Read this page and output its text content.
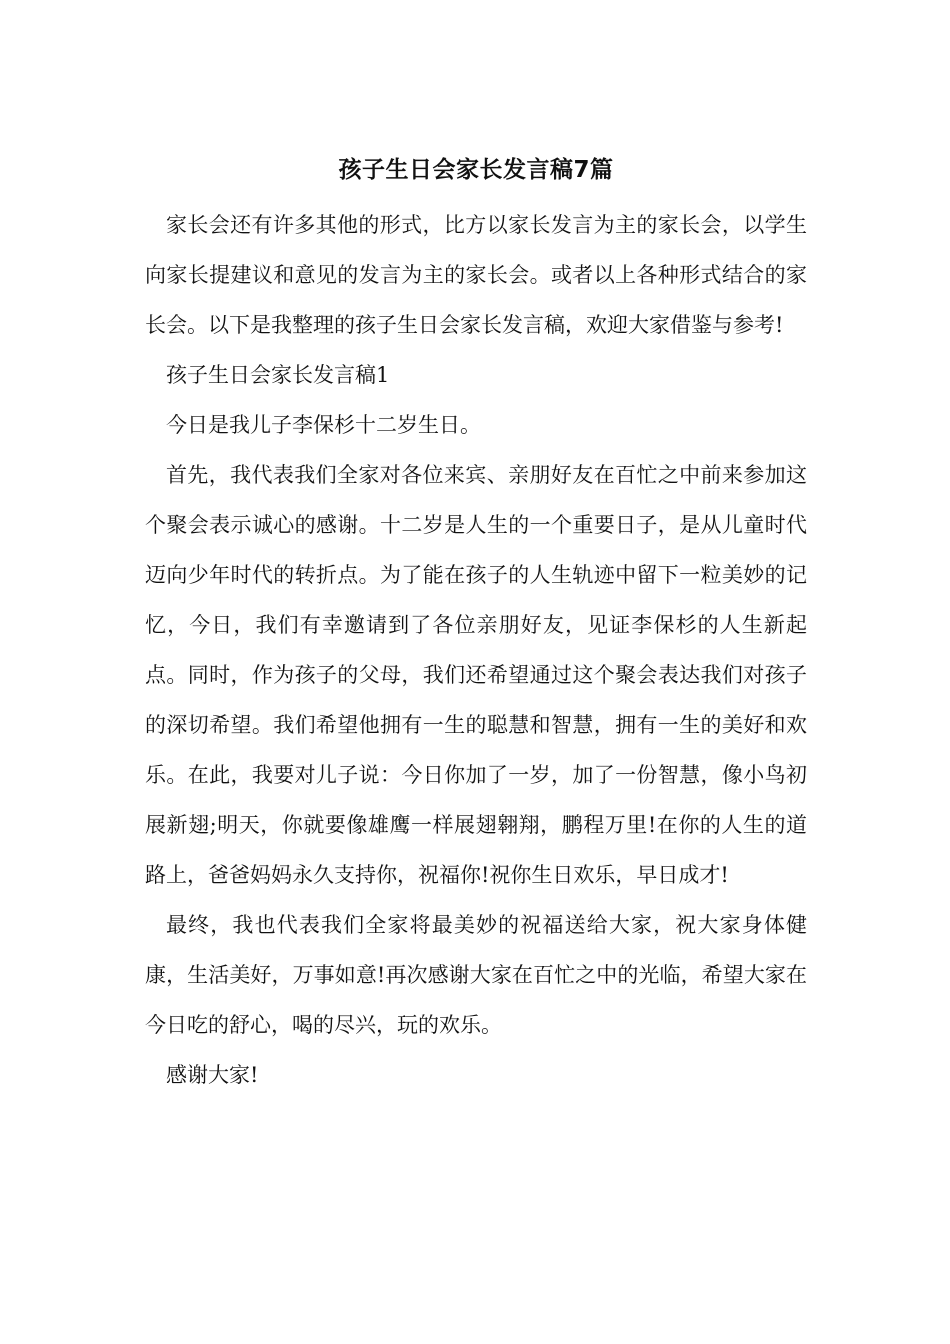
孩子生日会家长发言稿7篇

家长会还有许多其他的形式，比方以家长发言为主的家长会，以学生向家长提建议和意见的发言为主的家长会。或者以上各种形式结合的家长会。以下是我整理的孩子生日会家长发言稿，欢迎大家借鉴与参考!

孩子生日会家长发言稿1

今日是我儿子李保杉十二岁生日。

首先，我代表我们全家对各位来宾、亲朋好友在百忙之中前来参加这个聚会表示诚心的感谢。十二岁是人生的一个重要日子，是从儿童时代迈向少年时代的转折点。为了能在孩子的人生轨迹中留下一粒美妙的记忆，今日，我们有幸邀请到了各位亲朋好友，见证李保杉的人生新起点。同时，作为孩子的父母，我们还希望通过这个聚会表达我们对孩子的深切希望。我们希望他拥有一生的聪慧和智慧，拥有一生的美好和欢乐。在此，我要对儿子说：今日你加了一岁，加了一份智慧，像小鸟初展新翅;明天，你就要像雄鹰一样展翅翱翔，鹏程万里!在你的人生的道路上，爸爸妈妈永久支持你，祝福你!祝你生日欢乐，早日成才!

最终，我也代表我们全家将最美妙的祝福送给大家，祝大家身体健康，生活美好，万事如意!再次感谢大家在百忙之中的光临，希望大家在今日吃的舒心，喝的尽兴，玩的欢乐。

感谢大家!
